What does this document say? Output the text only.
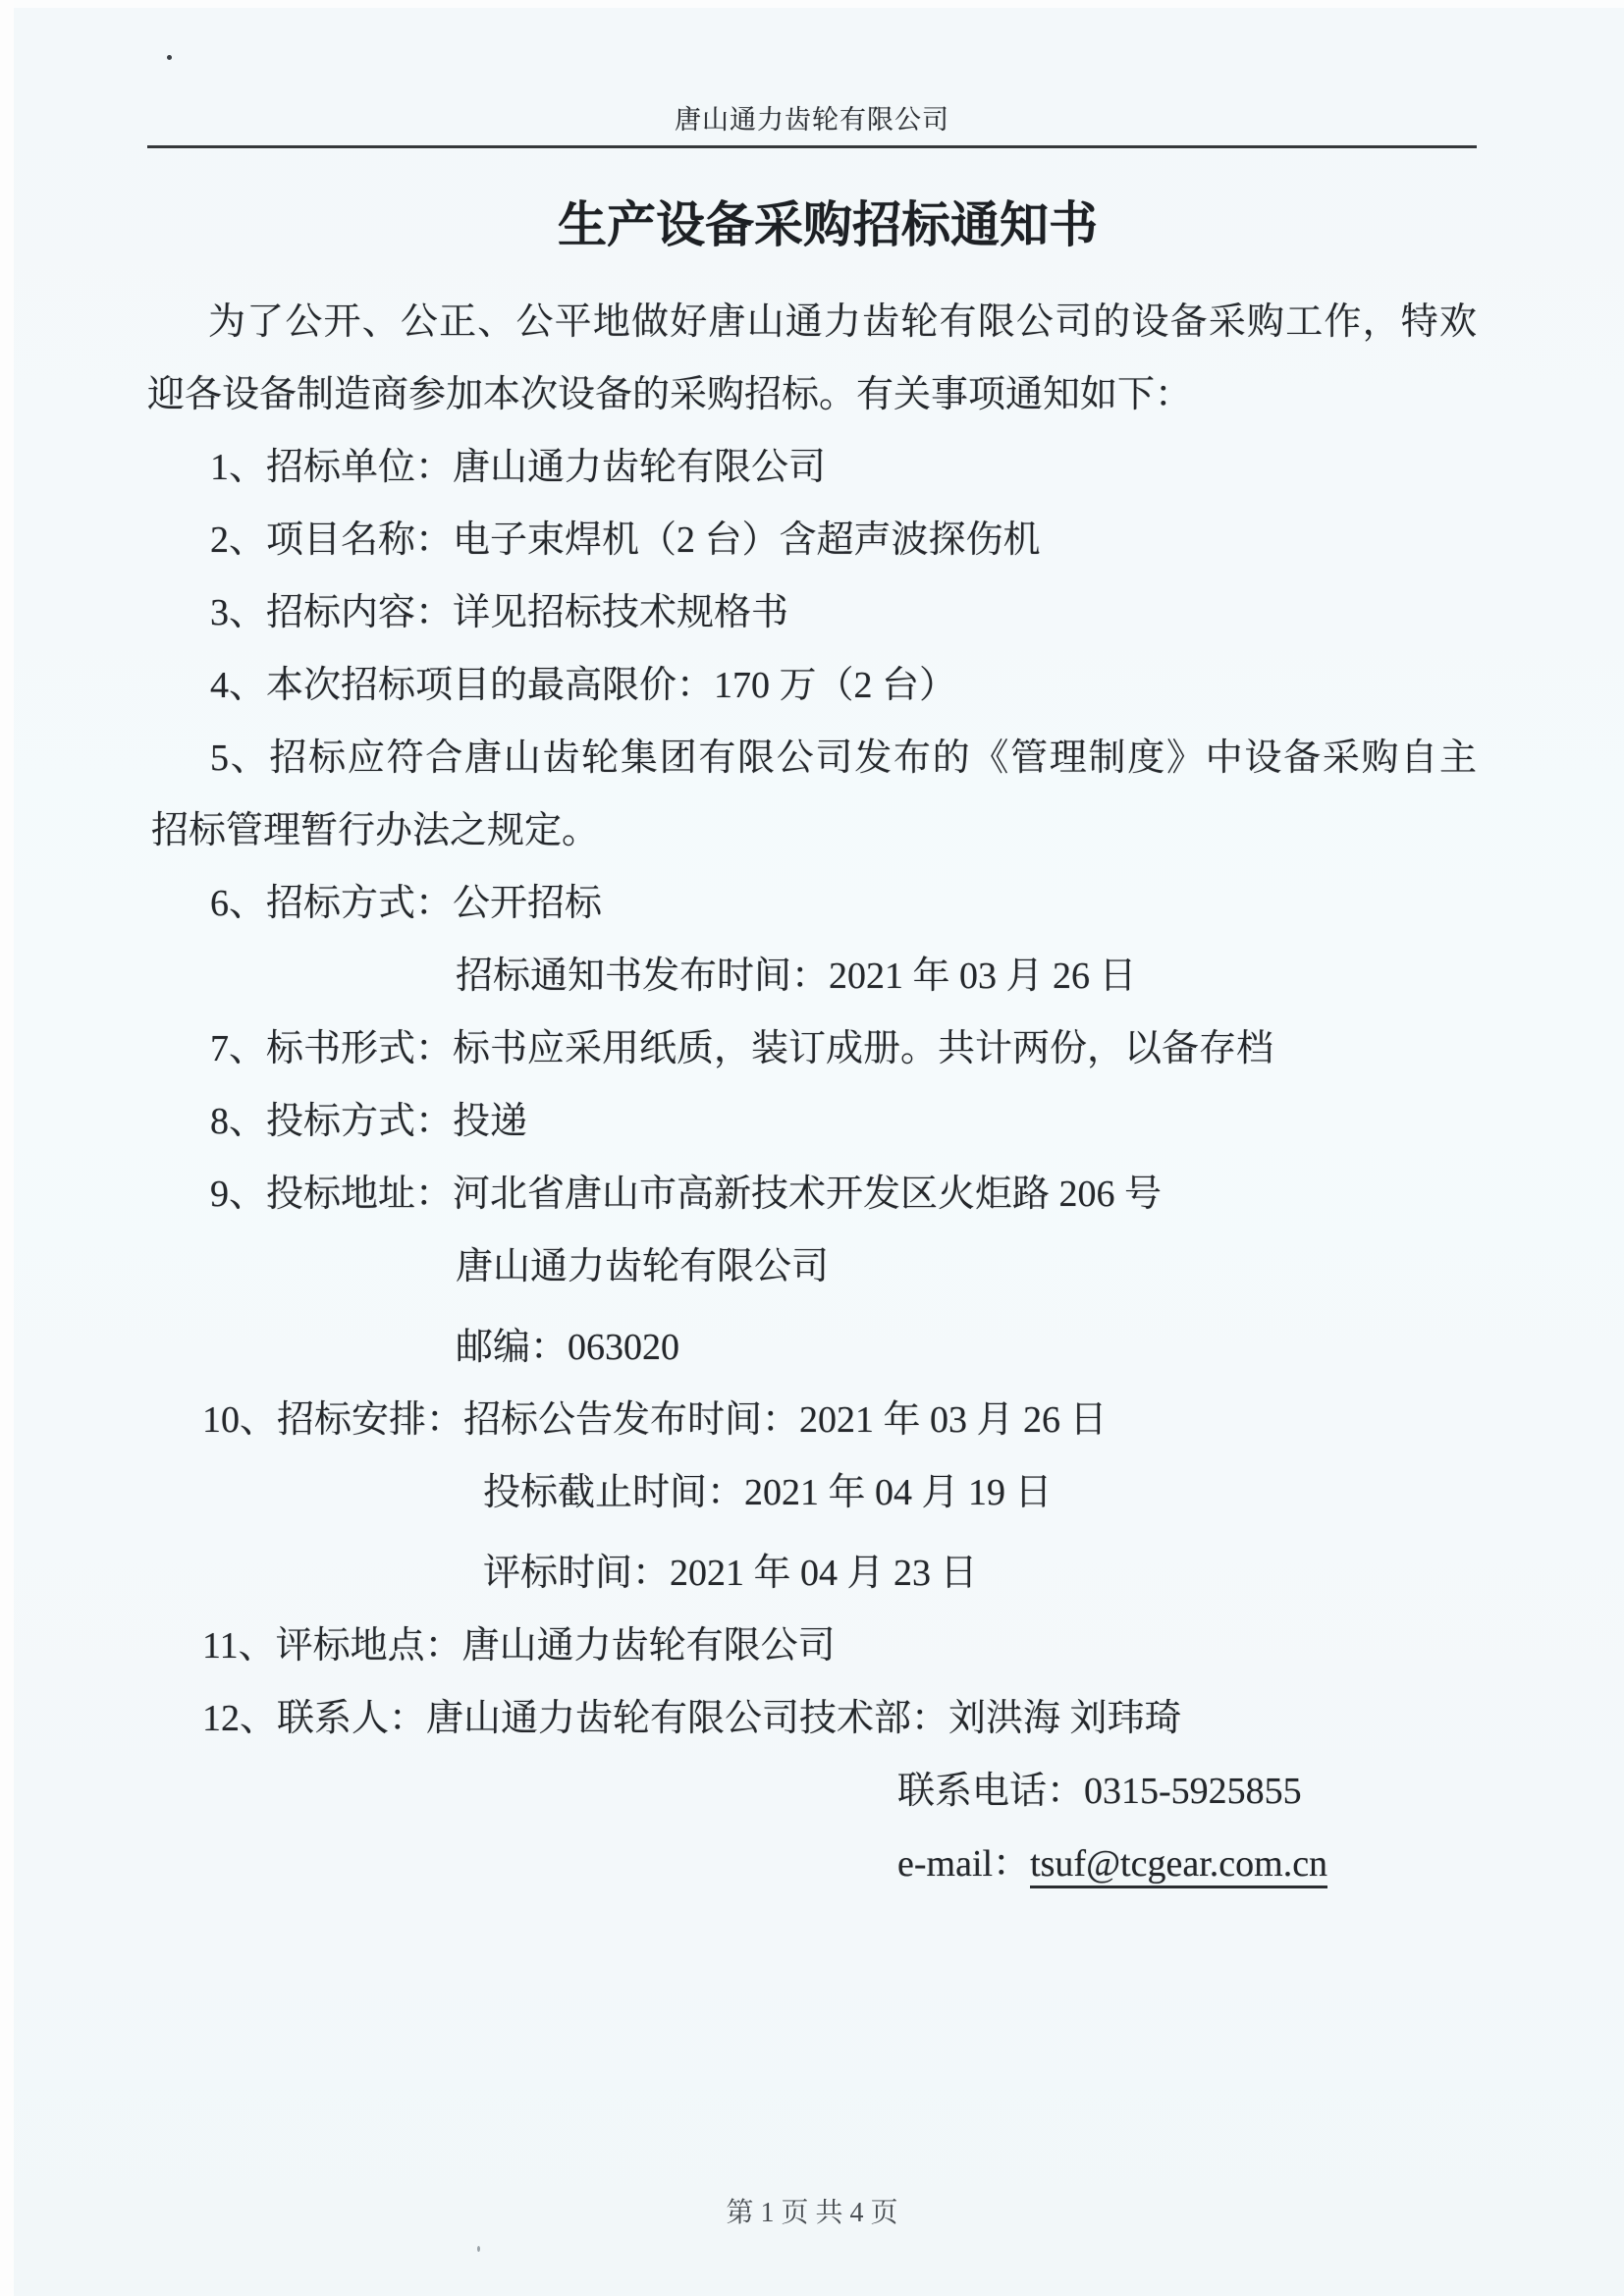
唐山通力齿轮有限公司
生产设备采购招标通知书

为了公开、公正、公平地做好唐山通力齿轮有限公司的设备采购工作，特欢

迎各设备制造商参加本次设备的采购招标。有关事项通知如下：

1、招标单位：唐山通力齿轮有限公司

2、项目名称：电子束焊机（2 台）含超声波探伤机

3、招标内容：详见招标技术规格书

4、本次招标项目的最高限价：170 万（2 台）

5、招标应符合唐山齿轮集团有限公司发布的《管理制度》中设备采购自主

招标管理暂行办法之规定。

6、招标方式：公开招标

招标通知书发布时间：2021 年 03 月 26 日

7、标书形式：标书应采用纸质，装订成册。共计两份，以备存档

8、投标方式：投递

9、投标地址：河北省唐山市高新技术开发区火炬路 206 号

唐山通力齿轮有限公司

邮编：063020

10、招标安排：招标公告发布时间：2021 年 03 月 26 日

投标截止时间：2021 年 04 月 19 日

评标时间：2021 年 04 月 23 日

11、评标地点：唐山通力齿轮有限公司

12、联系人：唐山通力齿轮有限公司技术部：刘洪海 刘玮琦

联系电话：0315-5925855

e-mail：tsuf@tcgear.com.cn

第 1 页 共 4 页
